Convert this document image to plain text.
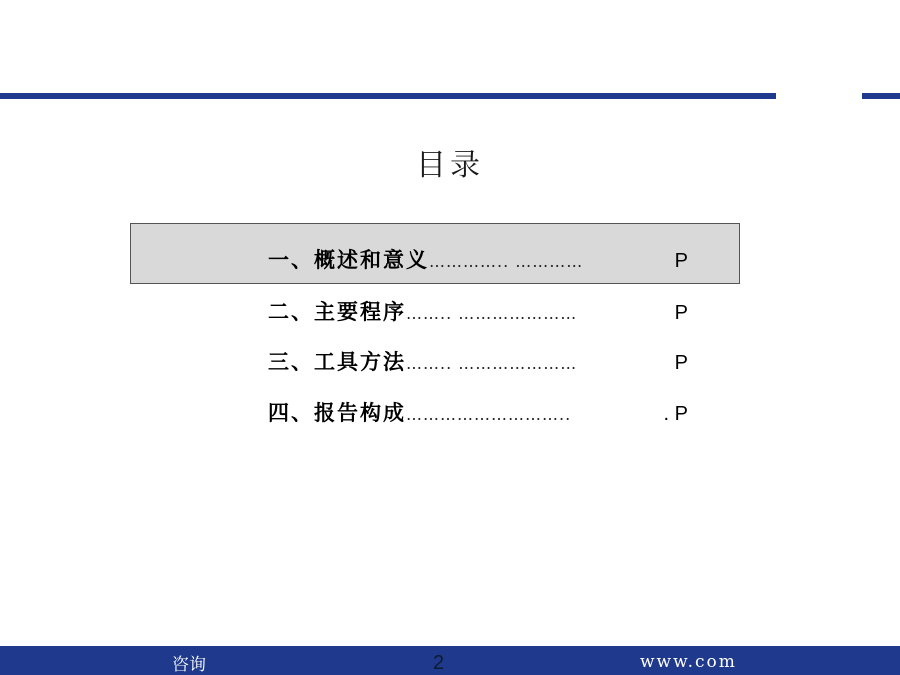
目录
一、概述和意义 ………….. …………	P
二、主要程序 …….. …………………	P
三、工具方法 …….. …………………	P
四、报告构成 ………………………..	. P
咨询	2	www.com
